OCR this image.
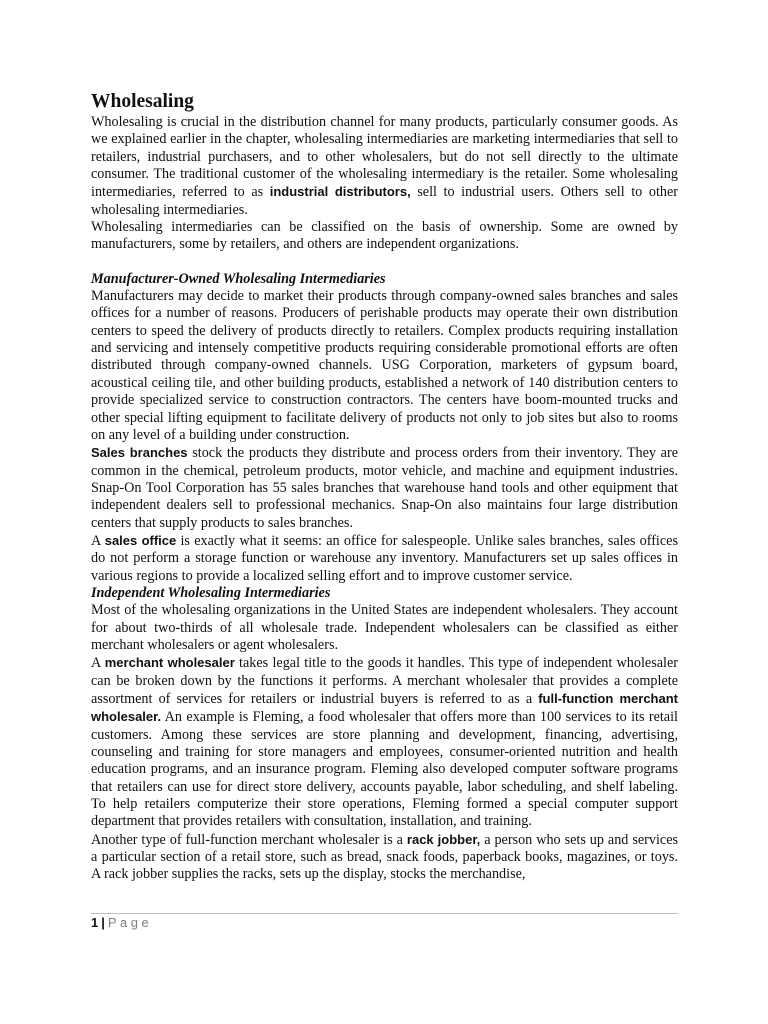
Wholesaling

Wholesaling is crucial in the distribution channel for many products, particularly consumer goods. As we explained earlier in the chapter, wholesaling intermediaries are marketing intermediaries that sell to retailers, industrial purchasers, and to other wholesalers, but do not sell directly to the ultimate consumer. The traditional customer of the wholesaling intermediary is the retailer. Some wholesaling intermediaries, referred to as industrial distributors, sell to industrial users. Others sell to other wholesaling intermediaries.

Wholesaling intermediaries can be classified on the basis of ownership. Some are owned by manufacturers, some by retailers, and others are independent organizations.

Manufacturer-Owned Wholesaling Intermediaries

Manufacturers may decide to market their products through company-owned sales branches and sales offices for a number of reasons. Producers of perishable products may operate their own distribution centers to speed the delivery of products directly to retailers. Complex products requiring installation and servicing and intensely competitive products requiring considerable promotional efforts are often distributed through company-owned channels. USG Corporation, marketers of gypsum board, acoustical ceiling tile, and other building products, established a network of 140 distribution centers to provide specialized service to construction contractors. The centers have boom-mounted trucks and other special lifting equipment to facilitate delivery of products not only to job sites but also to rooms on any level of a building under construction.

Sales branches stock the products they distribute and process orders from their inventory. They are common in the chemical, petroleum products, motor vehicle, and machine and equipment industries. Snap-On Tool Corporation has 55 sales branches that warehouse hand tools and other equipment that independent dealers sell to professional mechanics. Snap-On also maintains four large distribution centers that supply products to sales branches.

A sales office is exactly what it seems: an office for salespeople. Unlike sales branches, sales offices do not perform a storage function or warehouse any inventory. Manufacturers set up sales offices in various regions to provide a localized selling effort and to improve customer service.

Independent Wholesaling Intermediaries

Most of the wholesaling organizations in the United States are independent wholesalers. They account for about two-thirds of all wholesale trade. Independent wholesalers can be classified as either merchant wholesalers or agent wholesalers.

A merchant wholesaler takes legal title to the goods it handles. This type of independent wholesaler can be broken down by the functions it performs. A merchant wholesaler that provides a complete assortment of services for retailers or industrial buyers is referred to as a full-function merchant wholesaler. An example is Fleming, a food wholesaler that offers more than 100 services to its retail customers. Among these services are store planning and development, financing, advertising, counseling and training for store managers and employees, consumer-oriented nutrition and health education programs, and an insurance program. Fleming also developed computer software programs that retailers can use for direct store delivery, accounts payable, labor scheduling, and shelf labeling. To help retailers computerize their store operations, Fleming formed a special computer support department that provides retailers with consultation, installation, and training.

Another type of full-function merchant wholesaler is a rack jobber, a person who sets up and services a particular section of a retail store, such as bread, snack foods, paperback books, magazines, or toys. A rack jobber supplies the racks, sets up the display, stocks the merchandise,

1 | Page
